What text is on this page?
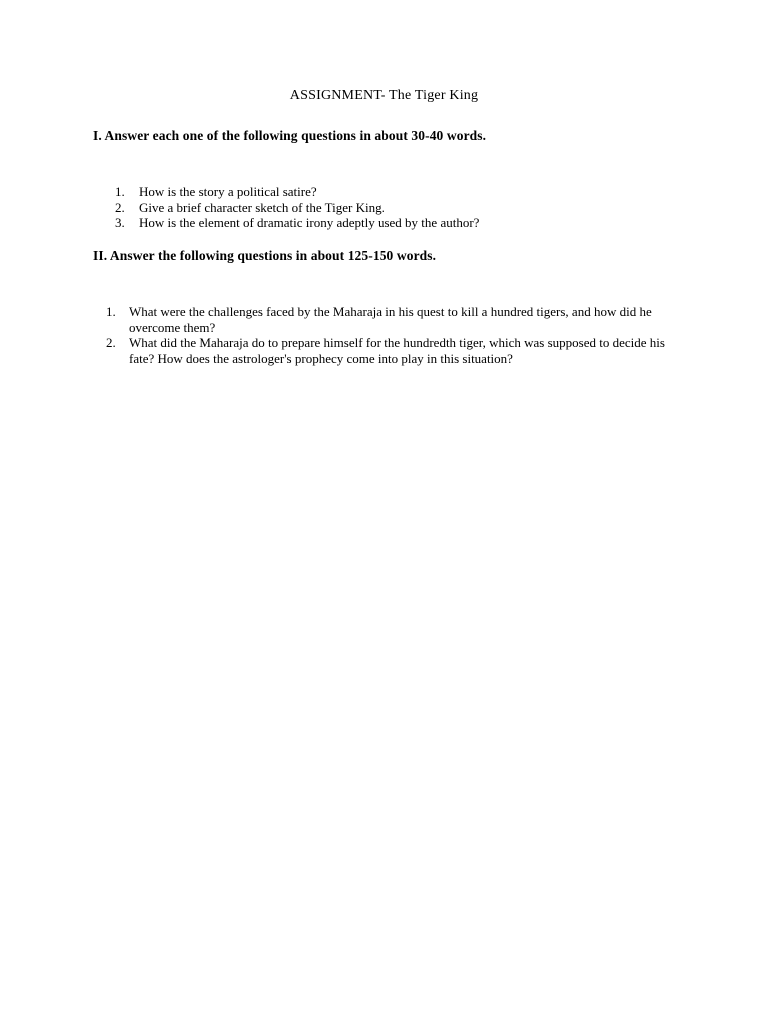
ASSIGNMENT- The Tiger King
I. Answer each one of the following questions in about 30-40 words.
1. How is the story a political satire?
2. Give a brief character sketch of the Tiger King.
3. How is the element of dramatic irony adeptly used by the author?
II. Answer the following questions in about 125-150 words.
1. What were the challenges faced by the Maharaja in his quest to kill a hundred tigers, and how did he overcome them?
2. What did the Maharaja do to prepare himself for the hundredth tiger, which was supposed to decide his fate? How does the astrologer's prophecy come into play in this situation?
